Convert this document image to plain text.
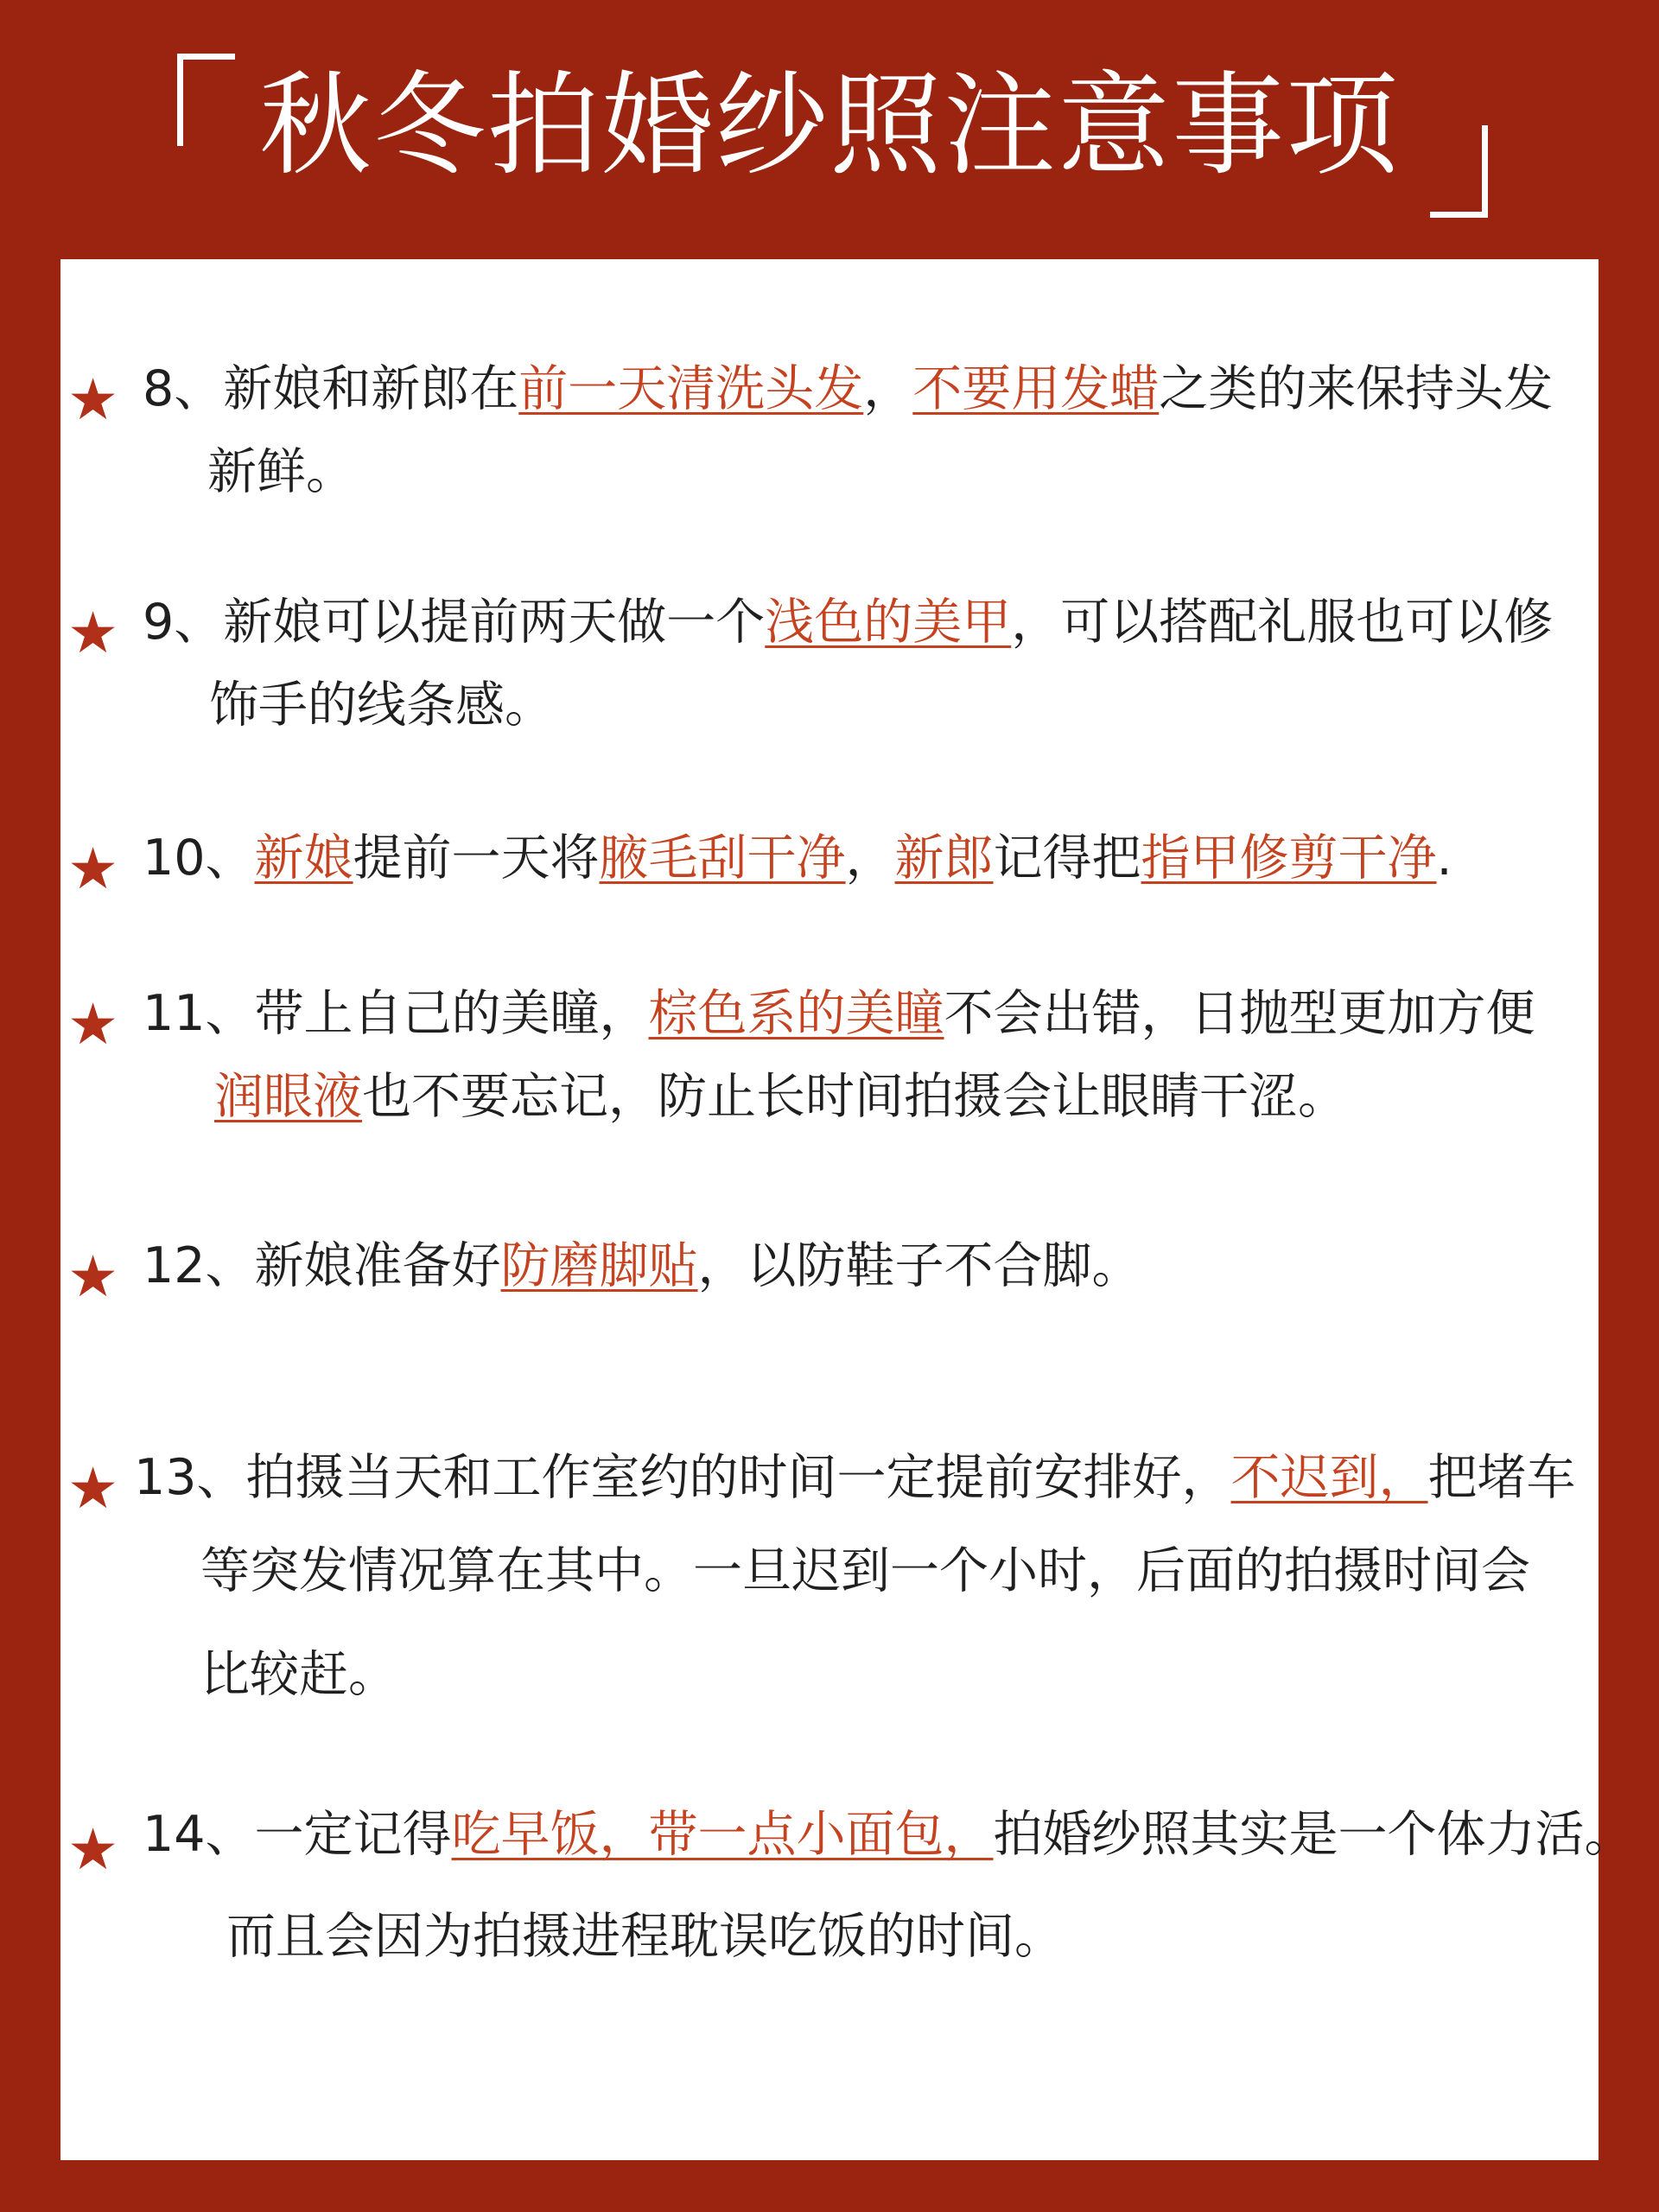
秋冬拍婚纱照注意事项
★ 8、新娘和新郎在前一天清洗头发，不要用发蜡之类的来保持头发
新鲜。
★ 9、新娘可以提前两天做一个浅色的美甲，可以搭配礼服也可以修
饰手的线条感。
★ 10、新娘提前一天将腋毛刮干净，新郎记得把指甲修剪干净.
★ 11、带上自己的美瞳，棕色系的美瞳不会出错，日抛型更加方便
润眼液也不要忘记，防止长时间拍摄会让眼睛干涩。
★ 12、新娘准备好防磨脚贴，以防鞋子不合脚。
★ 13、拍摄当天和工作室约的时间一定提前安排好，不迟到，把堵车
等突发情况算在其中。一旦迟到一个小时，后面的拍摄时间会
比较赶。
★ 14、一定记得吃早饭，带一点小面包，拍婚纱照其实是一个体力活。
而且会因为拍摄进程耽误吃饭的时间。
